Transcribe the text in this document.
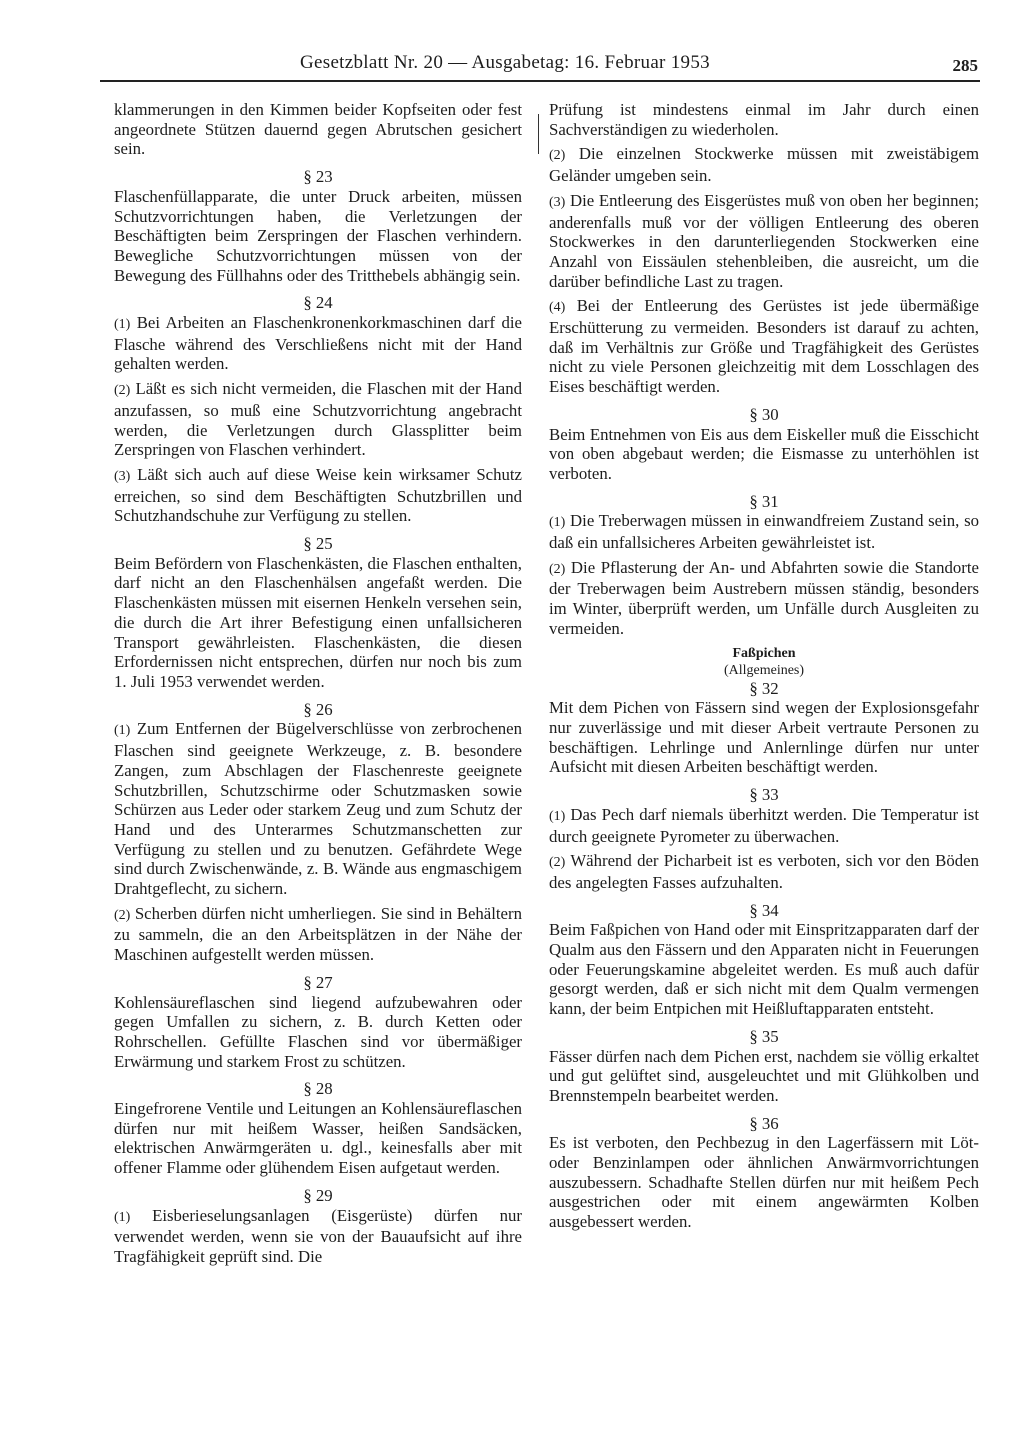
Gesetzblatt Nr. 20 — Ausgabetag: 16. Februar 1953	285

klammerungen in den Kimmen beider Kopfseiten oder fest angeordnete Stützen dauernd gegen Abrutschen gesichert sein.

§ 23

Flaschenfüllapparate, die unter Druck arbeiten, müssen Schutzvorrichtungen haben, die Verletzungen der Beschäftigten beim Zerspringen der Flaschen verhindern. Bewegliche Schutzvorrichtungen müssen von der Bewegung des Füllhahns oder des Tritthebels abhängig sein.

§ 24

(1) Bei Arbeiten an Flaschenkronenkorkmaschinen darf die Flasche während des Verschließens nicht mit der Hand gehalten werden.

(2) Läßt es sich nicht vermeiden, die Flaschen mit der Hand anzufassen, so muß eine Schutzvorrichtung angebracht werden, die Verletzungen durch Glassplitter beim Zerspringen von Flaschen verhindert.

(3) Läßt sich auch auf diese Weise kein wirksamer Schutz erreichen, so sind dem Beschäftigten Schutzbrillen und Schutzhandschuhe zur Verfügung zu stellen.

§ 25

Beim Befördern von Flaschenkästen, die Flaschen enthalten, darf nicht an den Flaschenhälsen angefaßt werden. Die Flaschenkästen müssen mit eisernen Henkeln versehen sein, die durch die Art ihrer Befestigung einen unfallsicheren Transport gewährleisten. Flaschenkästen, die diesen Erfordernissen nicht entsprechen, dürfen nur noch bis zum 1. Juli 1953 verwendet werden.

§ 26

(1) Zum Entfernen der Bügelverschlüsse von zerbrochenen Flaschen sind geeignete Werkzeuge, z. B. besondere Zangen, zum Abschlagen der Flaschenreste geeignete Schutzbrillen, Schutzschirme oder Schutzmasken sowie Schürzen aus Leder oder starkem Zeug und zum Schutz der Hand und des Unterarmes Schutzmanschetten zur Verfügung zu stellen und zu benutzen. Gefährdete Wege sind durch Zwischenwände, z. B. Wände aus engmaschigem Drahtgeflecht, zu sichern.

(2) Scherben dürfen nicht umherliegen. Sie sind in Behältern zu sammeln, die an den Arbeitsplätzen in der Nähe der Maschinen aufgestellt werden müssen.

§ 27

Kohlensäureflaschen sind liegend aufzubewahren oder gegen Umfallen zu sichern, z. B. durch Ketten oder Rohrschellen. Gefüllte Flaschen sind vor übermäßiger Erwärmung und starkem Frost zu schützen.

§ 28

Eingefrorene Ventile und Leitungen an Kohlensäureflaschen dürfen nur mit heißem Wasser, heißen Sandsäcken, elektrischen Anwärmgeräten u. dgl., keinesfalls aber mit offener Flamme oder glühendem Eisen aufgetaut werden.

§ 29

(1) Eisberieselungsanlagen (Eisgerüste) dürfen nur verwendet werden, wenn sie von der Bauaufsicht auf ihre Tragfähigkeit geprüft sind. Die

Prüfung ist mindestens einmal im Jahr durch einen Sachverständigen zu wiederholen.

(2) Die einzelnen Stockwerke müssen mit zweistäbigem Geländer umgeben sein.

(3) Die Entleerung des Eisgerüstes muß von oben her beginnen; anderenfalls muß vor der völligen Entleerung des oberen Stockwerkes in den darunterliegenden Stockwerken eine Anzahl von Eissäulen stehenbleiben, die ausreicht, um die darüber befindliche Last zu tragen.

(4) Bei der Entleerung des Gerüstes ist jede übermäßige Erschütterung zu vermeiden. Besonders ist darauf zu achten, daß im Verhältnis zur Größe und Tragfähigkeit des Gerüstes nicht zu viele Personen gleichzeitig mit dem Losschlagen des Eises beschäftigt werden.

§ 30

Beim Entnehmen von Eis aus dem Eiskeller muß die Eisschicht von oben abgebaut werden; die Eismasse zu unterhöhlen ist verboten.

§ 31

(1) Die Treberwagen müssen in einwandfreiem Zustand sein, so daß ein unfallsicheres Arbeiten gewährleistet ist.

(2) Die Pflasterung der An- und Abfahrten sowie die Standorte der Treberwagen beim Austrebern müssen ständig, besonders im Winter, überprüft werden, um Unfälle durch Ausgleiten zu vermeiden.

Faßpichen
(Allgemeines)
§ 32

Mit dem Pichen von Fässern sind wegen der Explosionsgefahr nur zuverlässige und mit dieser Arbeit vertraute Personen zu beschäftigen. Lehrlinge und Anlernlinge dürfen nur unter Aufsicht mit diesen Arbeiten beschäftigt werden.

§ 33

(1) Das Pech darf niemals überhitzt werden. Die Temperatur ist durch geeignete Pyrometer zu überwachen.

(2) Während der Picharbeit ist es verboten, sich vor den Böden des angelegten Fasses aufzuhalten.

§ 34

Beim Faßpichen von Hand oder mit Einspritzapparaten darf der Qualm aus den Fässern und den Apparaten nicht in Feuerungen oder Feuerungskamine abgeleitet werden. Es muß auch dafür gesorgt werden, daß er sich nicht mit dem Qualm vermengen kann, der beim Entpichen mit Heißluftapparaten entsteht.

§ 35

Fässer dürfen nach dem Pichen erst, nachdem sie völlig erkaltet und gut gelüftet sind, ausgeleuchtet und mit Glühkolben und Brennstempeln bearbeitet werden.

§ 36

Es ist verboten, den Pechbezug in den Lagerfässern mit Löt- oder Benzinlampen oder ähnlichen Anwärmvorrichtungen auszubessern. Schadhafte Stellen dürfen nur mit heißem Pech ausgestrichen oder mit einem angewärmten Kolben ausgebessert werden.
